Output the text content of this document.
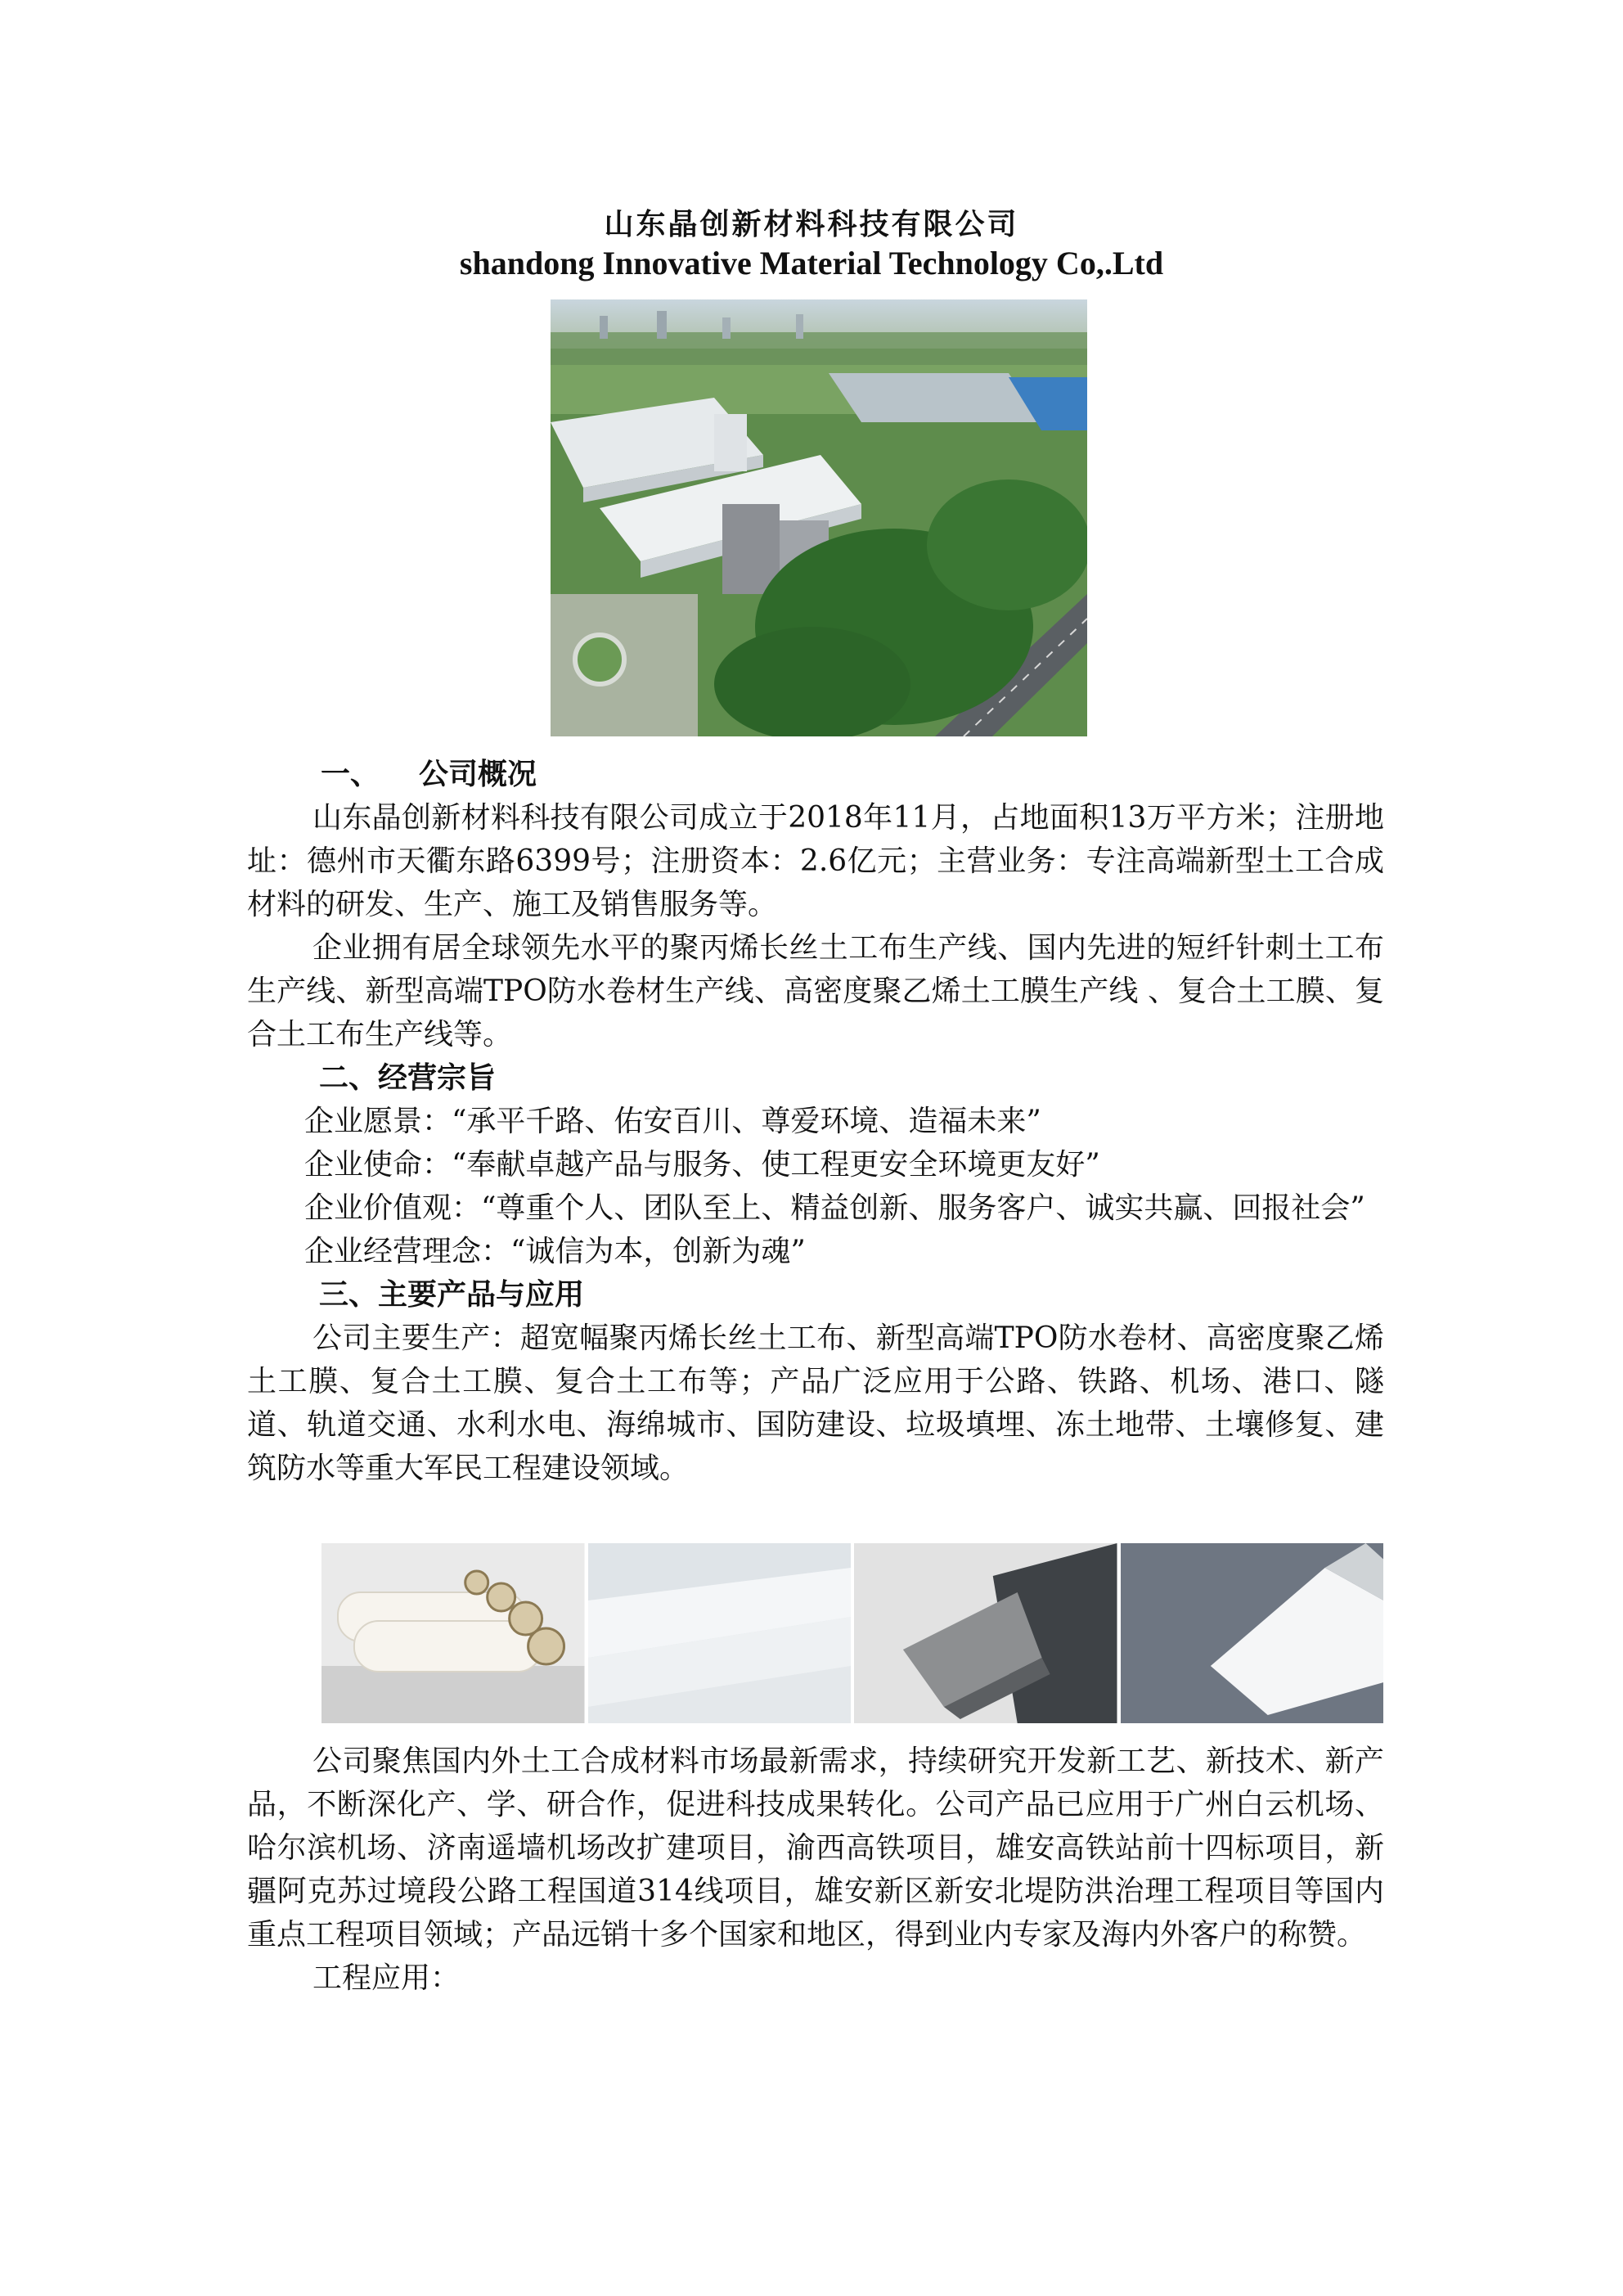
山东晶创新材料科技有限公司
shandong Innovative Material Technology Co,.Ltd

一、 公司概况

山东晶创新材料科技有限公司成立于2018年11月，占地面积13万平方米；注册地址：德州市天衢东路6399号；注册资本：2.6亿元；主营业务：专注高端新型土工合成材料的研发、生产、施工及销售服务等。

企业拥有居全球领先水平的聚丙烯长丝土工布生产线、国内先进的短纤针刺土工布生产线、新型高端TPO防水卷材生产线、高密度聚乙烯土工膜生产线 、复合土工膜、复合土工布生产线等。

二、经营宗旨

企业愿景：“承平千路、佑安百川、尊爱环境、造福未来”

企业使命：“奉献卓越产品与服务、使工程更安全环境更友好”

企业价值观：“尊重个人、团队至上、精益创新、服务客户、诚实共赢、回报社会”

企业经营理念：“诚信为本，创新为魂”

三、主要产品与应用

公司主要生产：超宽幅聚丙烯长丝土工布、新型高端TPO防水卷材、高密度聚乙烯土工膜、复合土工膜、复合土工布等；产品广泛应用于公路、铁路、机场、港口、隧道、轨道交通、水利水电、海绵城市、国防建设、垃圾填埋、冻土地带、土壤修复、建筑防水等重大军民工程建设领域。

公司聚焦国内外土工合成材料市场最新需求，持续研究开发新工艺、新技术、新产品，不断深化产、学、研合作，促进科技成果转化。公司产品已应用于广州白云机场、哈尔滨机场、济南遥墙机场改扩建项目，渝西高铁项目，雄安高铁站前十四标项目，新疆阿克苏过境段公路工程国道314线项目，雄安新区新安北堤防洪治理工程项目等国内重点工程项目领域；产品远销十多个国家和地区，得到业内专家及海内外客户的称赞。

工程应用：
